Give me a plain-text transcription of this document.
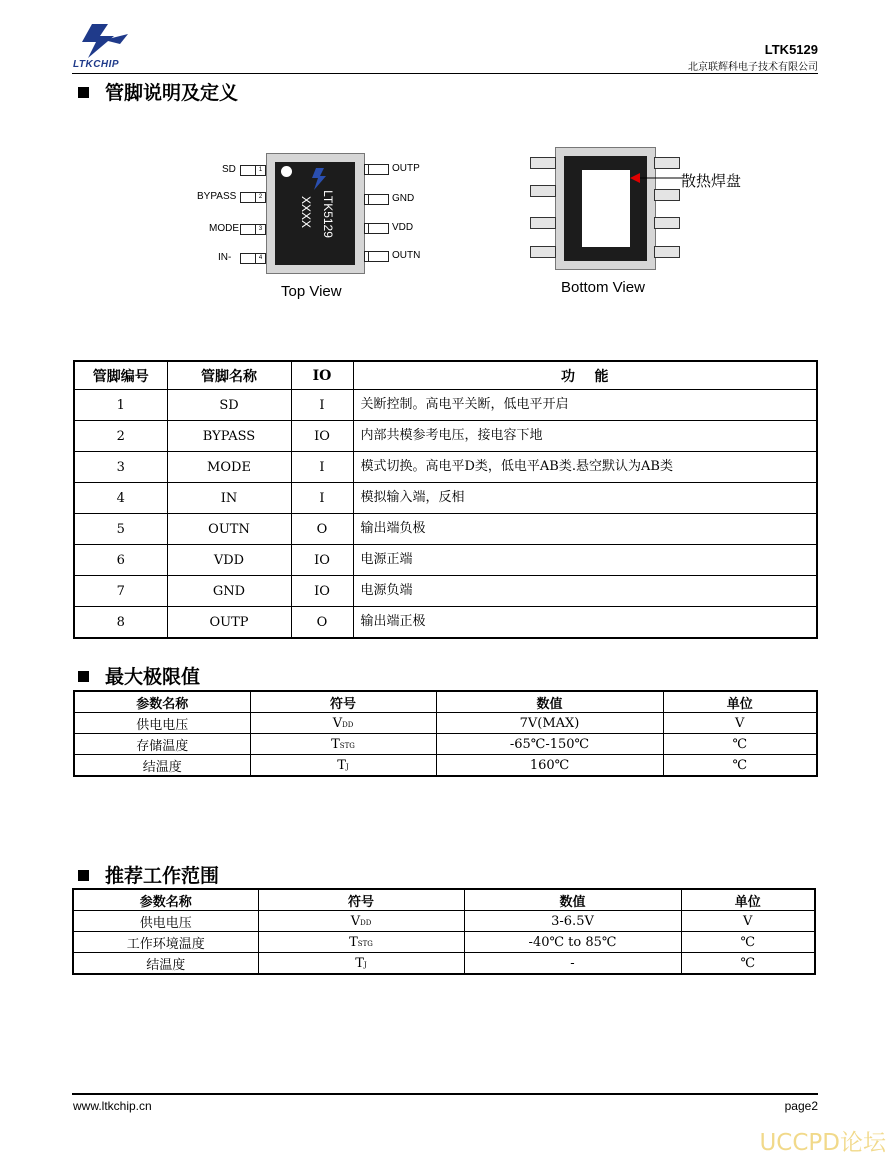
LTKCHIP
LTK5129
北京联辉科电子技术有限公司
管脚说明及定义
LTK5129
XXXX
SD	1
BYPASS	2
MODE	3
IN-	4
OUTP
GND
VDD
OUTN
Top View
散热焊盘
Bottom View
管脚编号	管脚名称	IO	功    能
1	SD	I	关断控制。高电平关断，低电平开启
2	BYPASS	IO	内部共模参考电压，接电容下地
3	MODE	I	模式切换。高电平D类，低电平AB类.悬空默认为AB类
4	IN	I	模拟输入端，反相
5	OUTN	O	输出端负极
6	VDD	IO	电源正端
7	GND	IO	电源负端
8	OUTP	O	输出端正极
最大极限值
参数名称	符号	数值	单位
供电电压	VDD	7V(MAX)	V
存储温度	TSTG	-65℃-150℃	℃
结温度	TJ	160℃	℃
推荐工作范围
参数名称	符号	数值	单位
供电电压	VDD	3-6.5V	V
工作环境温度	TSTG	-40℃ to 85℃	℃
结温度	TJ	-	℃
www.ltkchip.cn	page2
UCCPD论坛
